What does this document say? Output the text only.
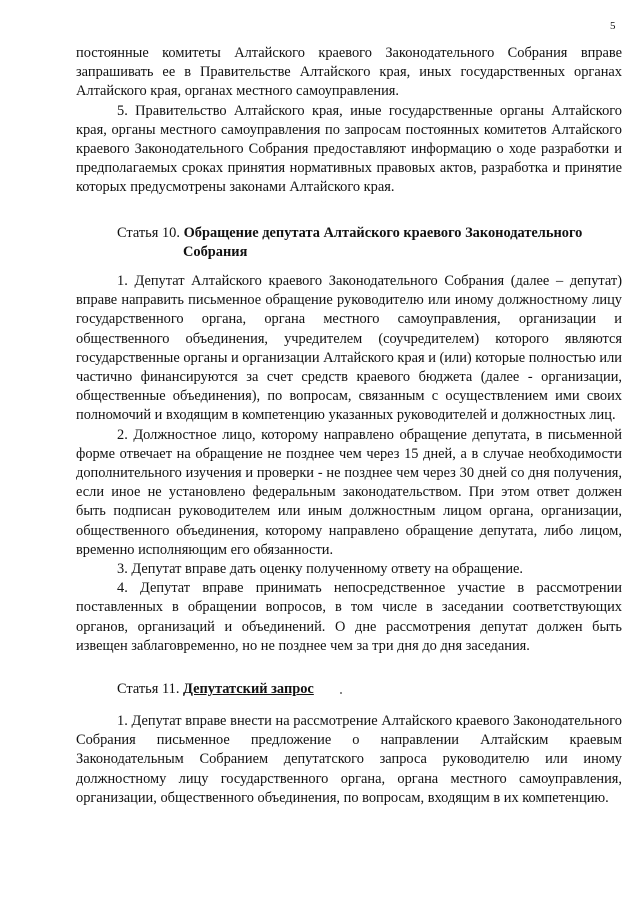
5

постоянные комитеты Алтайского краевого Законодательного Собрания вправе запрашивать ее в Правительстве Алтайского края, иных государственных органах Алтайского края, органах местного самоуправления.

5. Правительство Алтайского края, иные государственные органы Алтайского края, органы местного самоуправления по запросам постоянных комитетов Алтайского краевого Законодательного Собрания предоставляют информацию о ходе разработки и предполагаемых сроках принятия нормативных правовых актов, разработка и принятие которых предусмотрены законами Алтайского края.

Статья 10. Обращение депутата Алтайского краевого Законодательного Собрания

1. Депутат Алтайского краевого Законодательного Собрания (далее – депутат) вправе направить письменное обращение руководителю или иному должностному лицу государственного органа, органа местного самоуправления, организации и общественного объединения, учредителем (соучредителем) которого являются государственные органы и организации Алтайского края и (или) которые полностью или частично финансируются за счет средств краевого бюджета (далее - организации, общественные объединения), по вопросам, связанным с осуществлением ими своих полномочий и входящим в компетенцию указанных руководителей и должностных лиц.

2. Должностное лицо, которому направлено обращение депутата, в письменной форме отвечает на обращение не позднее чем через 15 дней, а в случае необходимости дополнительного изучения и проверки - не позднее чем через 30 дней со дня получения, если иное не установлено федеральным законодательством. При этом ответ должен быть подписан руководителем или иным должностным лицом органа, организации, общественного объединения, которому направлено обращение депутата, либо лицом, временно исполняющим его обязанности.

3. Депутат вправе дать оценку полученному ответу на обращение.

4. Депутат вправе принимать непосредственное участие в рассмотрении поставленных в обращении вопросов, в том числе в заседании соответствующих органов, организаций и объединений. О дне рассмотрения депутат должен быть извещен заблаговременно, но не позднее чем за три дня до дня заседания.

Статья 11. Депутатский запрос

1. Депутат вправе внести на рассмотрение Алтайского краевого Законодательного Собрания письменное предложение о направлении Алтайским краевым Законодательным Собранием депутатского запроса руководителю или иному должностному лицу государственного органа, органа местного самоуправления, организации, общественного объединения, по вопросам, входящим в их компетенцию.
